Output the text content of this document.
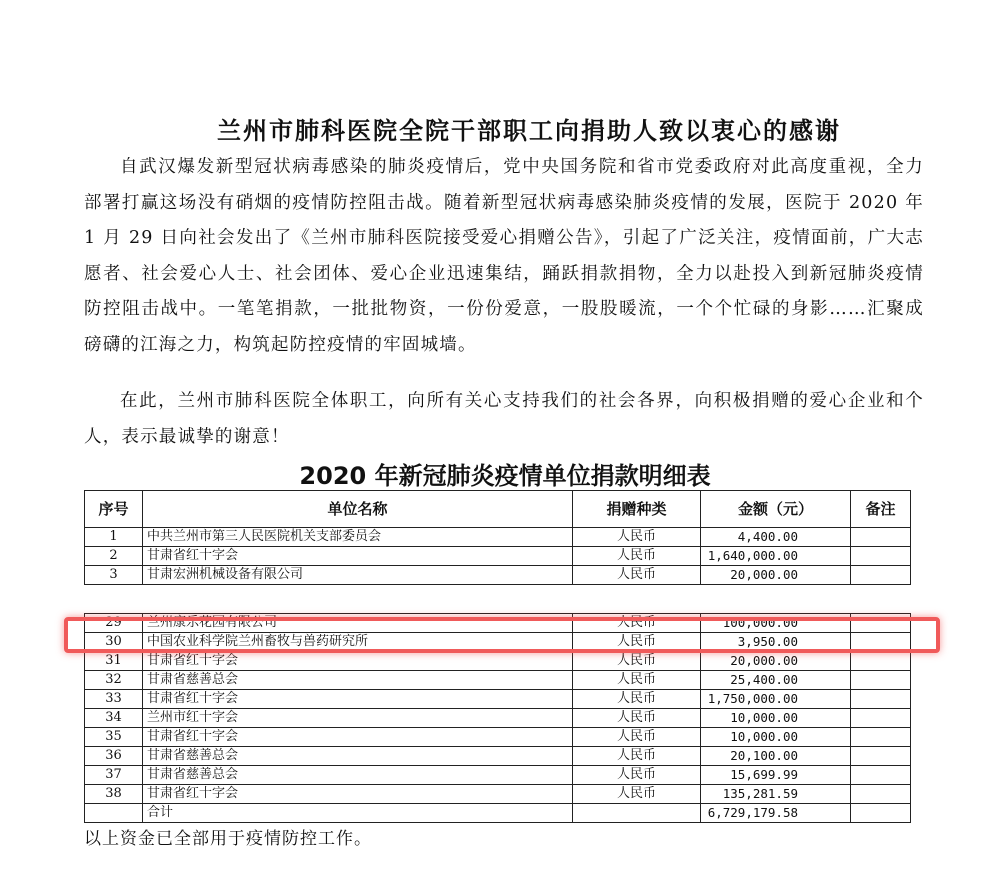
兰州市肺科医院全院干部职工向捐助人致以衷心的感谢

自武汉爆发新型冠状病毒感染的肺炎疫情后，党中央国务院和省市党委政府对此高度重视，全力部署打赢这场没有硝烟的疫情防控阻击战。随着新型冠状病毒感染肺炎疫情的发展，医院于 2020 年 1 月 29 日向社会发出了《兰州市肺科医院接受爱心捐赠公告》，引起了广泛关注，疫情面前，广大志愿者、社会爱心人士、社会团体、爱心企业迅速集结，踊跃捐款捐物，全力以赴投入到新冠肺炎疫情防控阻击战中。一笔笔捐款，一批批物资，一份份爱意，一股股暖流，一个个忙碌的身影……汇聚成磅礴的江海之力，构筑起防控疫情的牢固城墙。

在此，兰州市肺科医院全体职工，向所有关心支持我们的社会各界，向积极捐赠的爱心企业和个人，表示最诚挚的谢意！

2020 年新冠肺炎疫情单位捐款明细表
序号	单位名称	捐赠种类	金额（元）	备注
1	中共兰州市第三人民医院机关支部委员会	人民币	4,400.00	
2	甘肃省红十字会	人民币	1,640,000.00	
3	甘肃宏洲机械设备有限公司	人民币	20,000.00	

29	兰州康乐花园有限公司	人民币	100,000.00	
30	中国农业科学院兰州畜牧与兽药研究所	人民币	3,950.00	
31	甘肃省红十字会	人民币	20,000.00	
32	甘肃省慈善总会	人民币	25,400.00	
33	甘肃省红十字会	人民币	1,750,000.00	
34	兰州市红十字会	人民币	10,000.00	
35	甘肃省红十字会	人民币	10,000.00	
36	甘肃省慈善总会	人民币	20,100.00	
37	甘肃省慈善总会	人民币	15,699.99	
38	甘肃省红十字会	人民币	135,281.59	
	合计		6,729,179.58	

以上资金已全部用于疫情防控工作。
